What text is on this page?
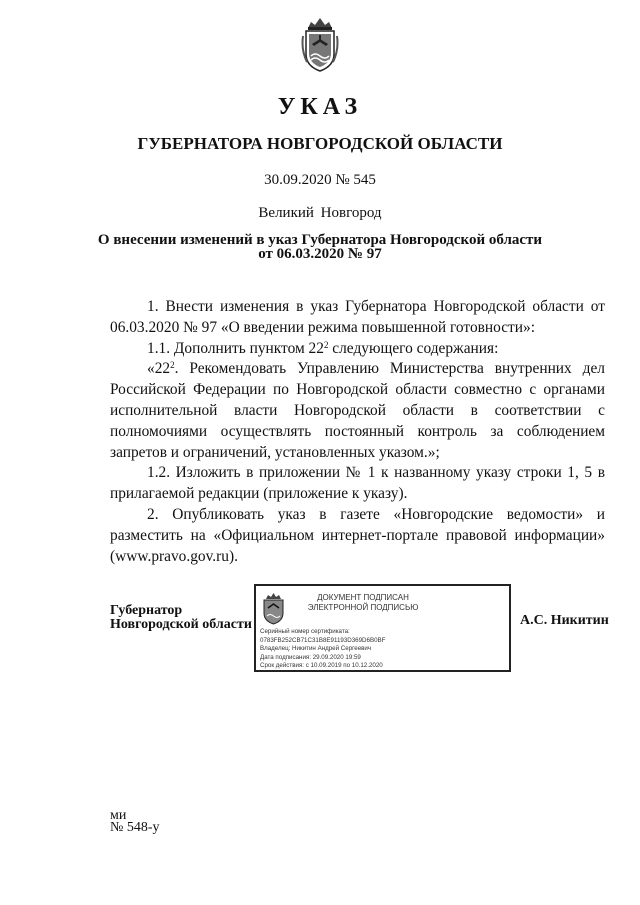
УКАЗ
ГУБЕРНАТОРА НОВГОРОДСКОЙ ОБЛАСТИ
30.09.2020 № 545
Великий Новгород
О внесении изменений в указ Губернатора Новгородской области
от 06.03.2020 № 97

1. Внести изменения в указ Губернатора Новгородской области от 06.03.2020 № 97 «О введении режима повышенной готовности»:

1.1. Дополнить пунктом $22^2$ следующего содержания:

«$22^2$. Рекомендовать Управлению Министерства внутренних дел Российской Федерации по Новгородской области совместно с органами исполнительной власти Новгородской области в соответствии с полномочиями осуществлять постоянный контроль за соблюдением запретов и ограничений, установленных указом.»;

1.2. Изложить в приложении № 1 к названному указу строки 1, 5 в прилагаемой редакции (приложение к указу).

2. Опубликовать указ в газете «Новгородские ведомости» и разместить на «Официальном интернет-портале правовой информации» (www.pravo.gov.ru).

Губернатор
Новгородской области
ДОКУМЕНТ ПОДПИСАН
ЭЛЕКТРОННОЙ ПОДПИСЬЮ
Серийный номер сертификата:
0783FB252CB71C31B8E91193D369D6B0BF
Владелец: Никитин Андрей Сергеевич
Дата подписания: 29.09.2020 19:59
Срок действия: с 10.09.2019 по 10.12.2020
А.С. Никитин
ми
№ 548-у
